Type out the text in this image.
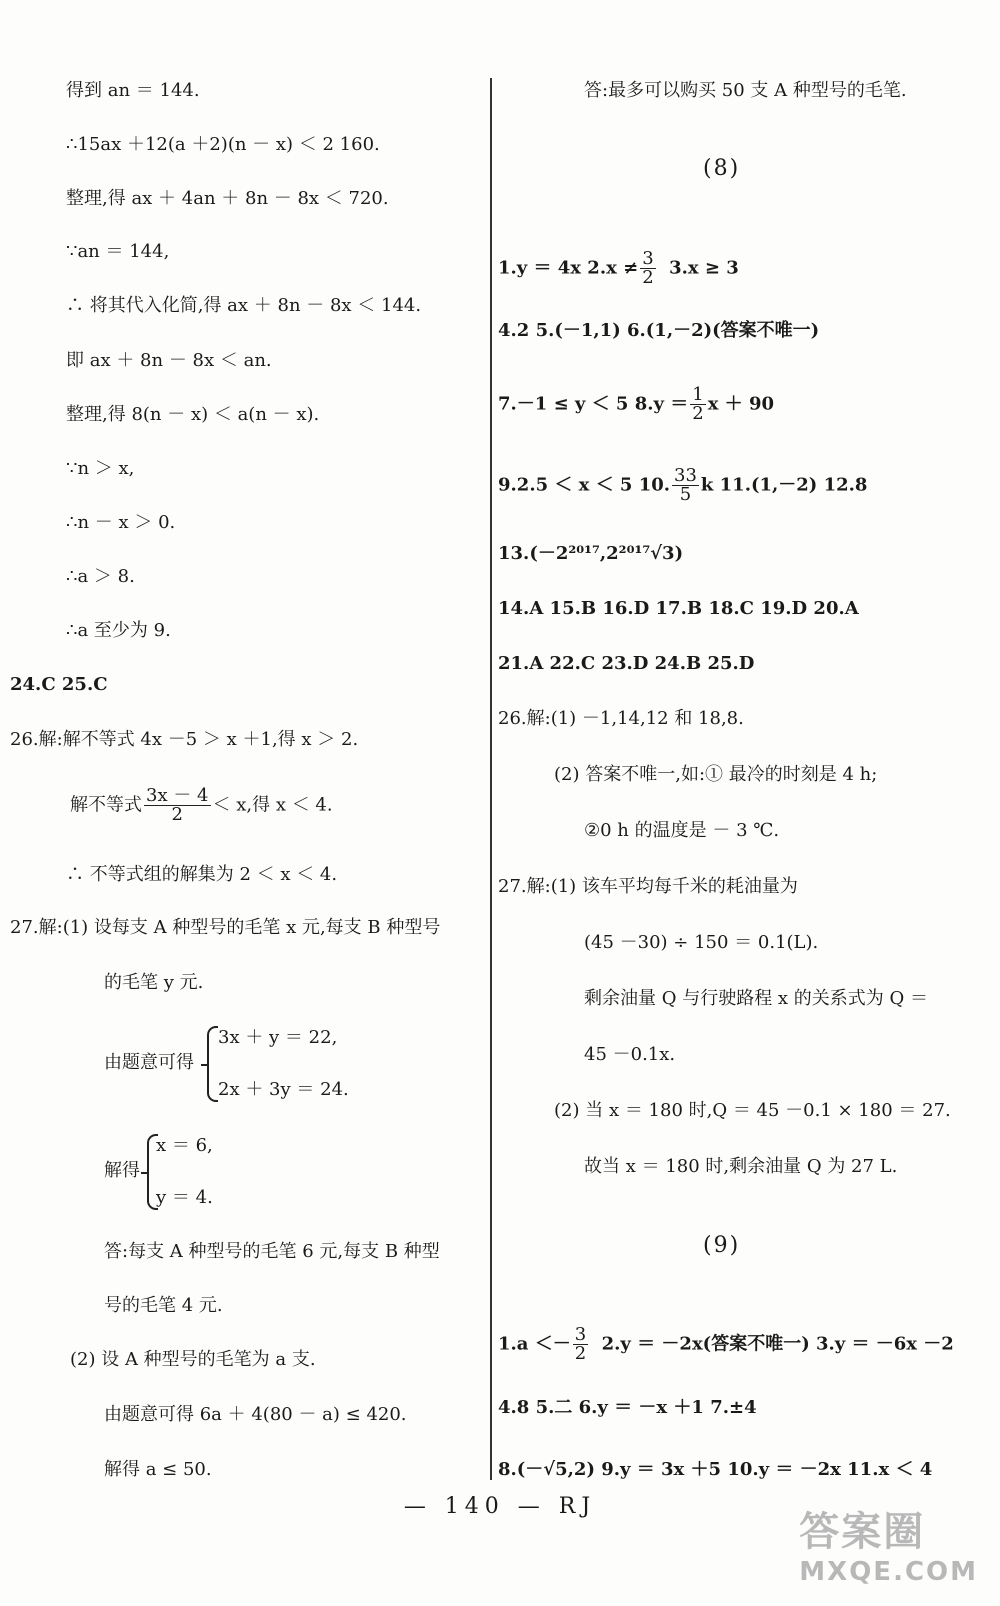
得到 an ＝ 144.
∴15ax ＋12(a ＋2)(n － x) ＜ 2 160.
整理,得 ax ＋ 4an ＋ 8n － 8x ＜ 720.
∵an ＝ 144,
∴ 将其代入化简,得 ax ＋ 8n － 8x ＜ 144.
即 ax ＋ 8n － 8x ＜ an.
整理,得 8(n － x) ＜ a(n － x).
∵n ＞ x,
∴n － x ＞ 0.
∴a ＞ 8.
∴a 至少为 9.
24.C 25.C
26.解:解不等式 4x －5 ＞ x ＋1,得 x ＞ 2.
解不等式 $\frac{3x - 4}{2} < x$,得 x ＜ 4.
∴ 不等式组的解集为 2 ＜ x ＜ 4.
27.解:(1) 设每支 A 种型号的毛笔 x 元,每支 B 种型号
的毛笔 y 元.
由题意可得
3x ＋ y ＝ 22,
2x ＋ 3y ＝ 24.
解得
x ＝ 6,
y ＝ 4.
答:每支 A 种型号的毛笔 6 元,每支 B 种型
号的毛笔 4 元.
(2) 设 A 种型号的毛笔为 a 支.
由题意可得 6a ＋ 4(80 － a) ≤ 420.
解得 a ≤ 50.
答:最多可以购买 50 支 A 种型号的毛笔.
(8)
1.y ＝ 4x $2.x \ne \frac{3}{2} 3.x \ge 3$
4.2 5.(－1,1) 6.(1,－2)(答案不唯一)
7.－1 ≤ y ＜ 5 $8.y = \frac{1}{2}$ x ＋ 90
9.2.5 ＜ x ＜ 5 10. $\frac{33}{5}$ k 11.(1,－2) 12.8
13.(－2²⁰¹⁷,2²⁰¹⁷√3)
14.A 15.B 16.D 17.B 18.C 19.D 20.A
21.A 22.C 23.D 24.B 25.D
26.解:(1) －1,14,12 和 18,8.
(2) 答案不唯一,如:① 最冷的时刻是 4 h;
②0 h 的温度是 － 3 ℃.
27.解:(1) 该车平均每千米的耗油量为
(45 －30) ÷ 150 ＝ 0.1(L).
剩余油量 Q 与行驶路程 x 的关系式为 Q ＝
45 －0.1x.
(2) 当 x ＝ 180 时,Q ＝ 45 －0.1 × 180 ＝ 27.
故当 x ＝ 180 时,剩余油量 Q 为 27 L.
(9)
$1.a <- \frac{3}{2} 2.y = -2x$(答案不唯一) 3.y ＝ －6x －2
4.8 5.二 6.y ＝ －x ＋1 7.±4
8.(－√5,2) 9.y ＝ 3x ＋5 10.y ＝ －2x 11.x ＜ 4
— 140 — RJ
答案圈
MXQE.COM
